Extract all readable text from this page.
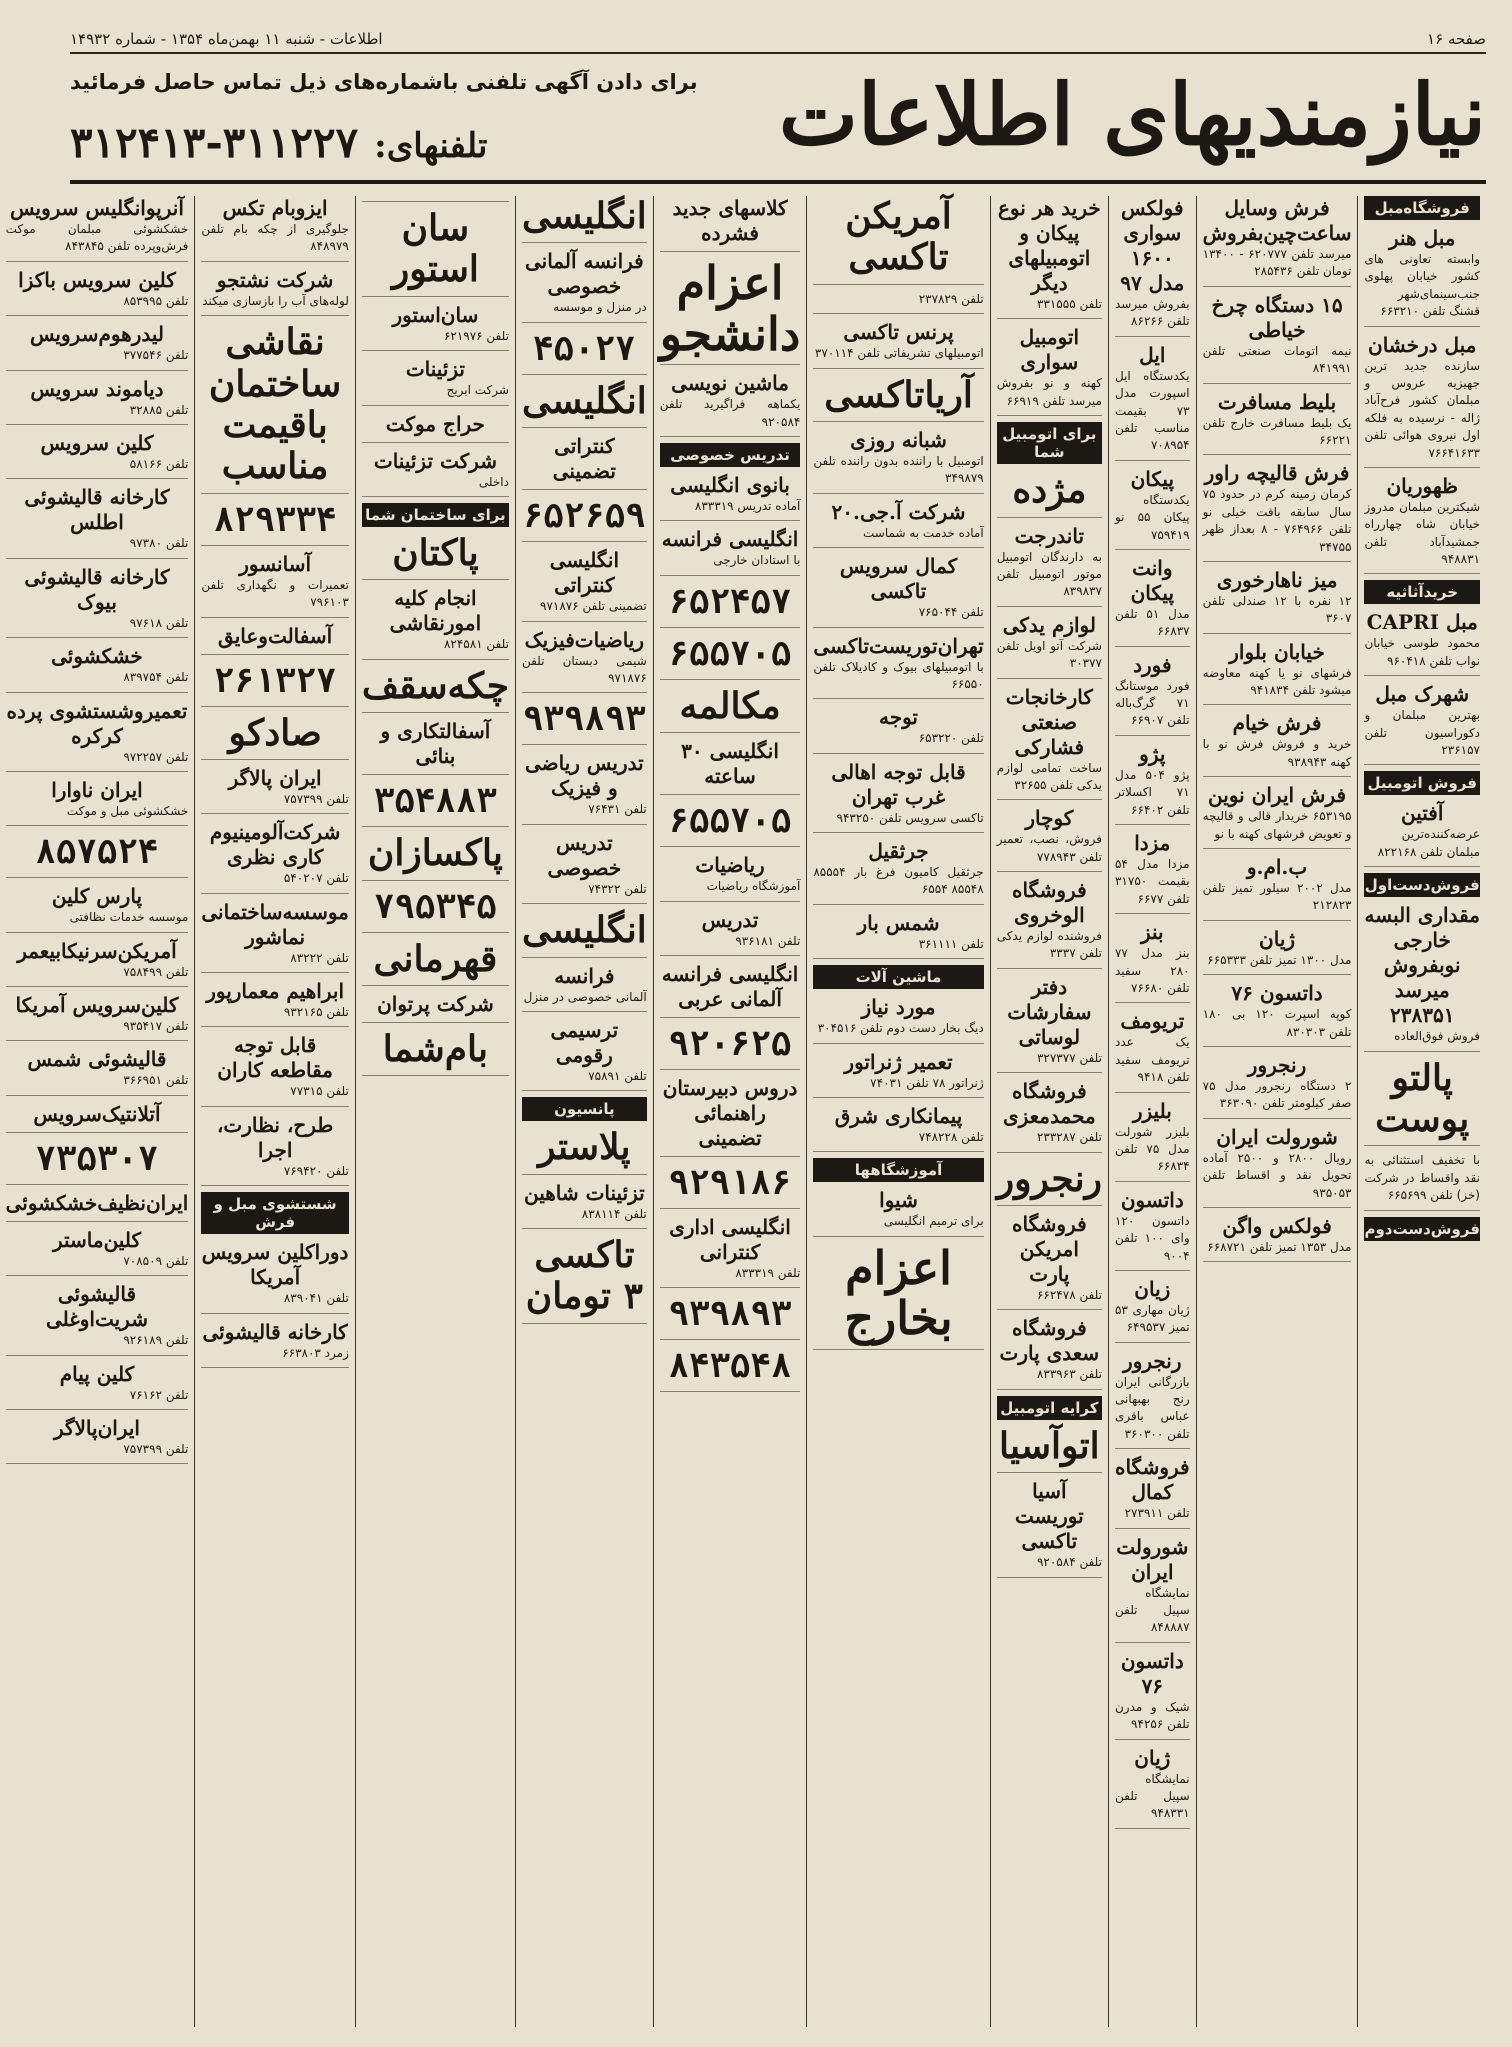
صفحه ۱۶
اطلاعات - شنبه ۱۱ بهمن‌ماه ۱۳۵۴ - شماره ۱۴۹۳۲
نیازمندیهای اطلاعات
برای دادن آگهی تلفنی باشماره‌های ذیل تماس حاصل فرمائید
تلفنهای:
۳۱۲۴۱۳-۳۱۱۲۲۷
فروشگاه‌مبل
مبل هنر
وابسته تعاونی های کشور خیابان پهلوی جنب‌سینمای‌شهر قشنگ تلفن ۶۶۳۲۱۰
مبل درخشان
ساز‌نده جدید ترین جهیزیه عروس و مبلمان کشور فرح‌آباد ژاله - نرسیده به فلکه اول نیروی هوائی تلفن ۷۶۶۴۱۶۳۳
ظهوریان
شیکترین مبلمان مدروز خیابان شاه چهارراه جمشیدآباد تلفن ۹۴۸۸۳۱
خریدآثاثیه
مبل CAPRI
محمود طوسی خیابان نواب تلفن ۹۶۰۴۱۸
شهرک مبل
بهترین مبلمان و دکوراسیون تلفن ۲۳۶۱۵۷
فروش اتومبیل
آفتین
عرضه‌کننده‌ترین مبلمان تلفن ۸۲۲۱۶۸
فروش‌دست‌اول
مقداری البسه خارجی نوبفروش میرسد ۲۳۸۳۵۱
فروش فوق‌العاده
پالتو پوست
با تخفیف استثنائی به نقد واقساط در شرکت (خز) تلفن ۶۶۵۶۹۹
فروش‌دست‌دوم
فرش وسایل ساعت‌چین‌بفروش
میرسد تلفن ۶۲۰۷۷۷ - ۱۳۴۰۰ تومان تلفن ۲۸۵۴۳۶
۱۵ دستگاه چرخ خیاطی
نیمه اتومات صنعتی تلفن ۸۴۱۹۹۱
بلیط مسافرت
یک بلیط مسافرت خارج تلفن ۶۶۲۲۱
فرش قالیچه راور
کرمان زمینه کرم در حدود ۷۵ سال سابقه بافت خیلی نو تلفن ۷۶۴۹۶۶ - ۸ بعداز ظهر ۳۴۷۵۵
میز ناهارخوری
۱۲ نفره با ۱۲ صندلی تلفن ۳۶۰۷
خیابان بلوار
فرشهای نو یا کهنه معاوضه میشود تلفن ۹۴۱۸۳۴
فرش خیام
خرید و فروش فرش نو با کهنه ۹۳۸۹۴۳
فرش ایران نوین
۶۵۳۱۹۵ خریدار قالی و قالیچه و تعویض فرشهای کهنه با نو
ب.ام.و
مدل ۲۰۰۲ سیلور تمیز تلفن ۲۱۲۸۲۳
ژیان
مدل ۱۳۰۰ تمیز تلفن ۶۶۵۳۳۳
داتسون ۷۶
کوپه اسپرت ۱۲۰ بی ۱۸۰ تلفن ۸۳۰۳۰۳
رنجرور
۲ دستگاه رنجرور مدل ۷۵ صفر کیلومتر تلفن ۳۶۳۰۹۰
شورولت ایران
رویال ۲۸۰۰ و ۲۵۰۰ آماده تحویل نقد و اقساط تلفن ۹۳۵۰۵۳
فولکس واگن
مدل ۱۳۵۳ تمیز تلفن ۶۶۸۷۲۱
فولکس سواری ۱۶۰۰ مدل ۹۷
بفروش میرسد تلفن ۸۶۲۶۶
ایل
یکدستگاه ایل اسپورت مدل ۷۳ بقیمت مناسب تلفن ۷۰۸۹۵۴
پیکان
یکدستگاه پیکان ۵۵ نو ۷۵۹۴۱۹
وانت پیکان
مدل ۵۱ تلفن ۶۶۸۳۷
فورد
فورد موستانگ ۷۱ گرگ‌باله تلفن ۶۶۹۰۷
پژو
پژو ۵۰۴ مدل ۷۱ اکسلاتر تلفن ۶۶۴۰۲
مزدا
مزدا مدل ۵۴ بقیمت ۳۱۷۵۰ تلفن ۶۶۷۷
بنز
بنز مدل ۷۷ ۲۸۰ سفید تلفن ۷۶۶۸۰
تریومف
یک عدد تریومف سفید تلفن ۹۴۱۸
بلیزر
بلیزر شورلت مدل ۷۵ تلفن ۶۶۸۳۴
داتسون
داتسون ۱۲۰ وای ۱۰۰ تلفن ۹۰۰۴
زیان
ژیان مهاری ۵۳ تمیز ۶۴۹۵۳۷
رنجرور
بازرگانی ایران رنج بهبهانی عباس باقری تلفن ۳۶۰۳۰۰
فروشگاه کمال
تلفن ۲۷۳۹۱۱
شورولت ایران
نمایشگاه سپیل تلفن ۸۴۸۸۸۷
داتسون ۷۶
شیک و مدرن تلفن ۹۴۲۵۶
ژیان
نمایشگاه سپیل تلفن ۹۴۸۳۳۱
خرید هر نوع پیکان و اتومبیلهای دیگر
تلفن ۳۳۱۵۵۵
اتومبیل سواری
کهنه و نو بفروش میرسد تلفن ۶۶۹۱۹
برای اتومبیل شما
مژده
تاندرجت
به دارندگان اتومبیل موتور اتومبیل تلفن ۸۳۹۸۳۷
لوازم یدکی
شرکت آتو اویل تلفن ۳۰۳۷۷
کارخانجات صنعتی فشارکی
ساخت تمامی لوازم یدکی تلفن ۳۲۶۵۵
کوچار
فروش، نصب، تعمیر تلفن ۷۷۸۹۴۳
فروشگاه الوخروی
فروشنده لوازم یدکی تلفن ۳۳۳۷
دفتر سفارشات لوساتی
تلفن ۳۲۷۳۷۷
فروشگاه محمدمعزی
تلفن ۲۳۳۲۸۷
رنجرور
فروشگاه امریکن پارت
تلفن ۶۶۲۴۷۸
فروشگاه سعدی پارت
تلفن ۸۳۳۹۶۳
کرایه اتومبیل
اتوآسیا
آسیا توریست تاکسی
تلفن ۹۲۰۵۸۴
آمریکن تاکسی
تلفن ۲۳۷۸۲۹
پرنس تاکسی
اتومبیلهای تشریفاتی تلفن ۳۷۰۱۱۴
آریاتاکسی
شبانه روزی
اتومبیل با راننده بدون راننده تلفن ۳۴۹۸۷۹
شرکت آ.جی.۲۰
آماده خدمت به شماست
کمال سرویس تاکسی
تلفن ۷۶۵۰۴۴
تهران‌توریست‌تاکسی
با اتومبیلهای بیوک و کادیلاک تلفن ۶۶۵۵۰
توجه
تلفن ۶۵۳۲۲۰
قابل توجه اهالی غرب تهران
تاکسی سرویس تلفن ۹۴۳۲۵۰
جرثقیل
جرثقیل کامیون فرغ بار ۸۵۵۵۴ ۸۵۵۴۸ ۶۵۵۴
شمس بار
تلفن ۳۶۱۱۱۱
ماشین آلات
مورد نیاز
دیگ بخار دست دوم تلفن ۳۰۴۵۱۶
تعمیر ژنراتور
ژنراتور ۷۸ تلفن ۷۴۰۳۱
پیمانکاری شرق
تلفن ۷۴۸۲۲۸
آموزشگاهها
شیوا
برای ترمیم انگلیسی
اعزام بخارج
کلاسهای جدید فشرده
اعزام دانشجو
ماشین نویسی
یکماهه فراگیرید تلفن ۹۲۰۵۸۴
تدریس خصوصی
بانوی انگلیسی
آماده تدریس ۸۳۳۳۱۹
انگلیسی فرانسه
با استادان خارجی
۶۵۲۴۵۷
۶۵۵۷۰۵
مکالمه
انگلیسی ۳۰ ساعته
۶۵۵۷۰۵
ریاضیات
آموزشگاه ریاضیات
تدریس
تلفن ۹۳۶۱۸۱
انگلیسی فرانسه آلمانی عربی
۹۲۰۶۲۵
دروس دبیرستان راهنمائی تضمینی
۹۲۹۱۸۶
انگلیسی اداری کنترانی
تلفن ۸۳۳۳۱۹
۹۳۹۸۹۳
۸۴۳۵۴۸
انگلیسی
فرانسه آلمانی خصوصی
در منزل و موسسه
۴۵۰۲۷
انگلیسی
کنتراتی تضمینی
۶۵۲۶۵۹
انگلیسی کنتراتی
تضمینی تلفن ۹۷۱۸۷۶
ریاضیات‌فیزیک
شیمی دبستان تلفن ۹۷۱۸۷۶
۹۳۹۸۹۳
تدریس ریاضی و فیزیک
تلفن ۷۶۴۳۱
تدریس خصوصی
تلفن ۷۴۳۲۲
انگلیسی
فرانسه
آلمانی خصوصی در منزل
ترسیمی رقومی
تلفن ۷۵۸۹۱
پانسیون
پلاستر
تزئینات شاهین
تلفن ۸۳۸۱۱۴
تاکسی ۳ تومان
سان استور
سان‌استور
تلفن ۶۲۱۹۷۶
تزئینات
شرکت ابریج
حراج موکت
شرکت تزئینات
داخلی
برای ساختمان شما
پاکتان
انجام کلیه امورنقاشی
تلفن ۸۲۴۵۸۱
چکه‌سقف
آسفالتکاری و بنائی
۳۵۴۸۸۳
پاکسازان
۷۹۵۳۴۵
قهرمانی
شرکت پرتوان
بام‌شما
ایزوبام تکس
جلوگیری از چکه بام تلفن ۸۴۸۹۷۹
شرکت نشتجو
لوله‌های آب را بازسازی میکند
نقاشی ساختمان باقیمت مناسب
۸۲۹۳۳۴
آسانسور
تعمیرات و نگهداری تلفن ۷۹۶۱۰۳
آسفالت‌وعایق
۲۶۱۳۲۷
صادکو
ایران پالاگر
تلفن ۷۵۷۳۹۹
شرکت‌آلومینیوم کاری نظری
تلفن ۵۴۰۲۰۷
موسسه‌ساختمانی نماشور
تلفن ۸۳۲۲۲
ابراهیم معمارپور
تلفن ۹۳۲۱۶۵
قابل توجه مقاطعه کاران
تلفن ۷۷۳۱۵
طرح، نظارت، اجرا
تلفن ۷۶۹۴۲۰
شستشوی مبل و فرش
دوراکلین سرویس آمریکا
تلفن ۸۳۹۰۴۱
کارخانه قالیشوئی
زمرد ۶۶۳۸۰۳
آنرپوانگلیس سرویس
خشکشوئی مبلمان موکت فرش‌وپرده تلفن ۸۴۳۸۴۵
کلین سرویس باکزا
تلفن ۸۵۳۹۹۵
لیدرهوم‌سرویس
تلفن ۳۷۷۵۴۶
دیاموند سرویس
تلفن ۳۲۸۸۵
کلین سرویس
تلفن ۵۸۱۶۶
کارخانه قالیشوئی اطلس
تلفن ۹۷۳۸۰
کارخانه قالیشوئی بیوک
تلفن ۹۷۶۱۸
خشکشوئی
تلفن ۸۳۹۷۵۴
تعمیروشستشوی پرده کرکره
تلفن ۹۷۲۲۵۷
ایران ناوارا
خشکشوئی مبل و موکت
۸۵۷۵۲۴
پارس کلین
موسسه خدمات نظافتی
آمریکن‌سرنیکابیعمر
تلفن ۷۵۸۴۹۹
کلین‌سرویس آمریکا
تلفن ۹۳۵۴۱۷
قالیشوئی شمس
تلفن ۳۶۶۹۵۱
آتلانتیک‌سرویس
۷۳۵۳۰۷
ایران‌نظیف‌خشکشوئی
کلین‌ماستر
تلفن ۷۰۸۵۰۹
قالیشوئی شریت‌اوغلی
تلفن ۹۲۶۱۸۹
کلین پیام
تلفن ۷۶۱۶۲
ایران‌پالاگر
تلفن ۷۵۷۳۹۹
